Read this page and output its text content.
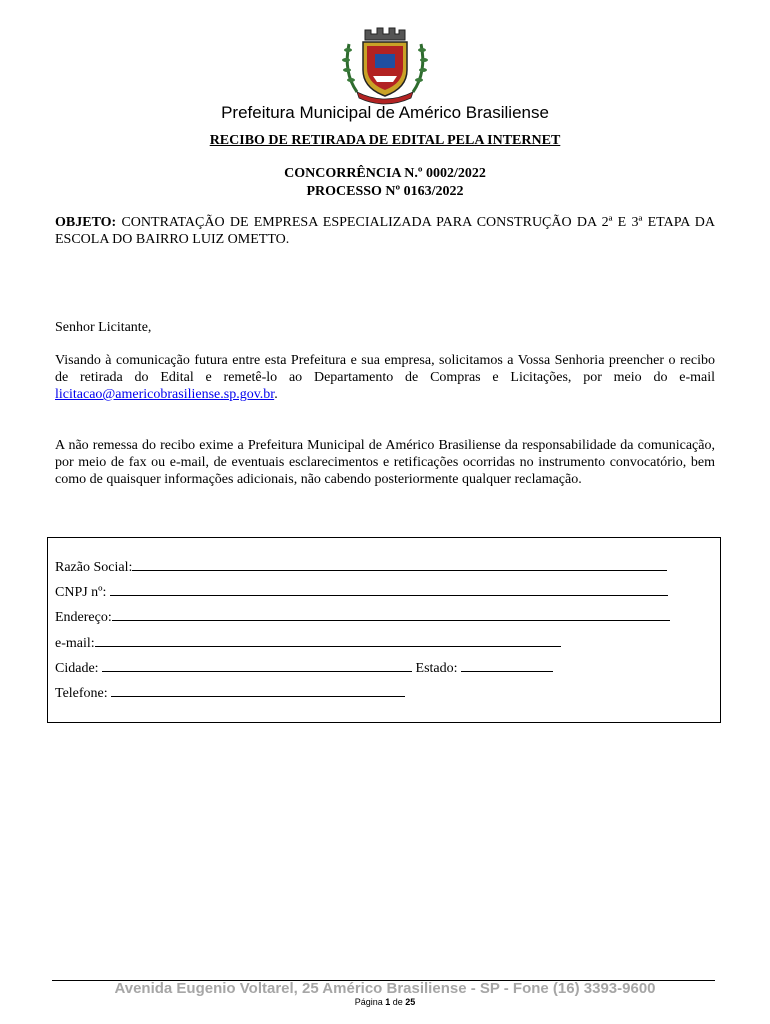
Prefeitura Municipal de Américo Brasiliense
RECIBO DE RETIRADA DE EDITAL PELA INTERNET
CONCORRÊNCIA N.º 0002/2022
PROCESSO Nº 0163/2022
OBJETO: CONTRATAÇÃO DE EMPRESA ESPECIALIZADA PARA CONSTRUÇÃO DA 2ª E 3ª ETAPA DA ESCOLA DO BAIRRO LUIZ OMETTO.
Senhor Licitante,
Visando à comunicação futura entre esta Prefeitura e sua empresa, solicitamos a Vossa Senhoria preencher o recibo de retirada do Edital e remetê-lo ao Departamento de Compras e Licitações, por meio do e-mail licitacao@americobrasiliense.sp.gov.br.
A não remessa do recibo exime a Prefeitura Municipal de Américo Brasiliense da responsabilidade da comunicação, por meio de fax ou e-mail, de eventuais esclarecimentos e retificações ocorridas no instrumento convocatório, bem como de quaisquer informações adicionais, não cabendo posteriormente qualquer reclamação.
Razão Social:
CNPJ nº:
Endereço:
e-mail:
Cidade:	Estado:
Telefone:
Avenida Eugenio Voltarel, 25 Américo Brasiliense - SP - Fone (16) 3393-9600
Página 1 de 25
